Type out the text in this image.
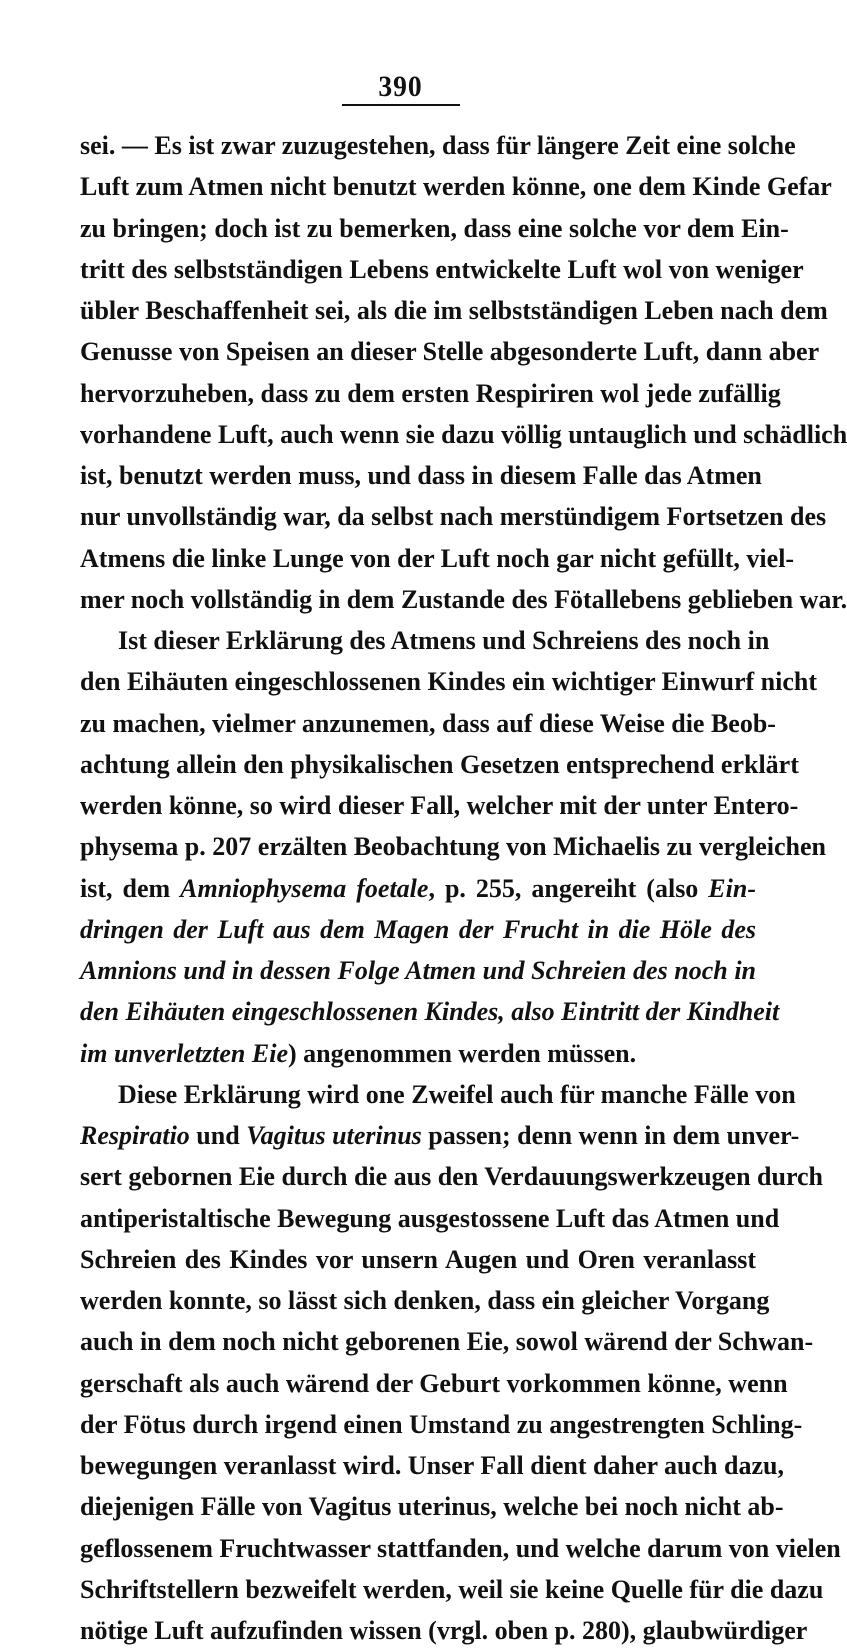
390
sei. — Es ist zwar zuzugestehen, dass für längere Zeit eine solche
Luft zum Atmen nicht benutzt werden könne, one dem Kinde Gefar
zu bringen; doch ist zu bemerken, dass eine solche vor dem Ein-
tritt des selbstständigen Lebens entwickelte Luft wol von weniger
übler Beschaffenheit sei, als die im selbstständigen Leben nach dem
Genusse von Speisen an dieser Stelle abgesonderte Luft, dann aber
hervorzuheben, dass zu dem ersten Respiriren wol jede zufällig
vorhandene Luft, auch wenn sie dazu völlig untauglich und schädlich
ist, benutzt werden muss, und dass in diesem Falle das Atmen
nur unvollständig war, da selbst nach merstündigem Fortsetzen des
Atmens die linke Lunge von der Luft noch gar nicht gefüllt, viel-
mer noch vollständig in dem Zustande des Fötallebens geblieben war.
Ist dieser Erklärung des Atmens und Schreiens des noch in
den Eihäuten eingeschlossenen Kindes ein wichtiger Einwurf nicht
zu machen, vielmer anzunemen, dass auf diese Weise die Beob-
achtung allein den physikalischen Gesetzen entsprechend erklärt
werden könne, so wird dieser Fall, welcher mit der unter Entero-
physema p. 207 erzälten Beobachtung von Michaelis zu vergleichen
ist, dem Amniophysema foetale, p. 255, angereiht (also Ein-
dringen der Luft aus dem Magen der Frucht in die Höle des
Amnions und in dessen Folge Atmen und Schreien des noch in
den Eihäuten eingeschlossenen Kindes, also Eintritt der Kindheit
im unverletzten Eie) angenommen werden müssen.
Diese Erklärung wird one Zweifel auch für manche Fälle von
Respiratio und Vagitus uterinus passen; denn wenn in dem unver-
sert gebornen Eie durch die aus den Verdauungswerkzeugen durch
antiperistaltische Bewegung ausgestossene Luft das Atmen und
Schreien des Kindes vor unsern Augen und Oren veranlasst
werden konnte, so lässt sich denken, dass ein gleicher Vorgang
auch in dem noch nicht geborenen Eie, sowol wärend der Schwan-
gerschaft als auch wärend der Geburt vorkommen könne, wenn
der Fötus durch irgend einen Umstand zu angestrengten Schling-
bewegungen veranlasst wird. Unser Fall dient daher auch dazu,
diejenigen Fälle von Vagitus uterinus, welche bei noch nicht ab-
geflossenem Fruchtwasser stattfanden, und welche darum von vielen
Schriftstellern bezweifelt werden, weil sie keine Quelle für die dazu
nötige Luft aufzufinden wissen (vrgl. oben p. 280), glaubwürdiger
